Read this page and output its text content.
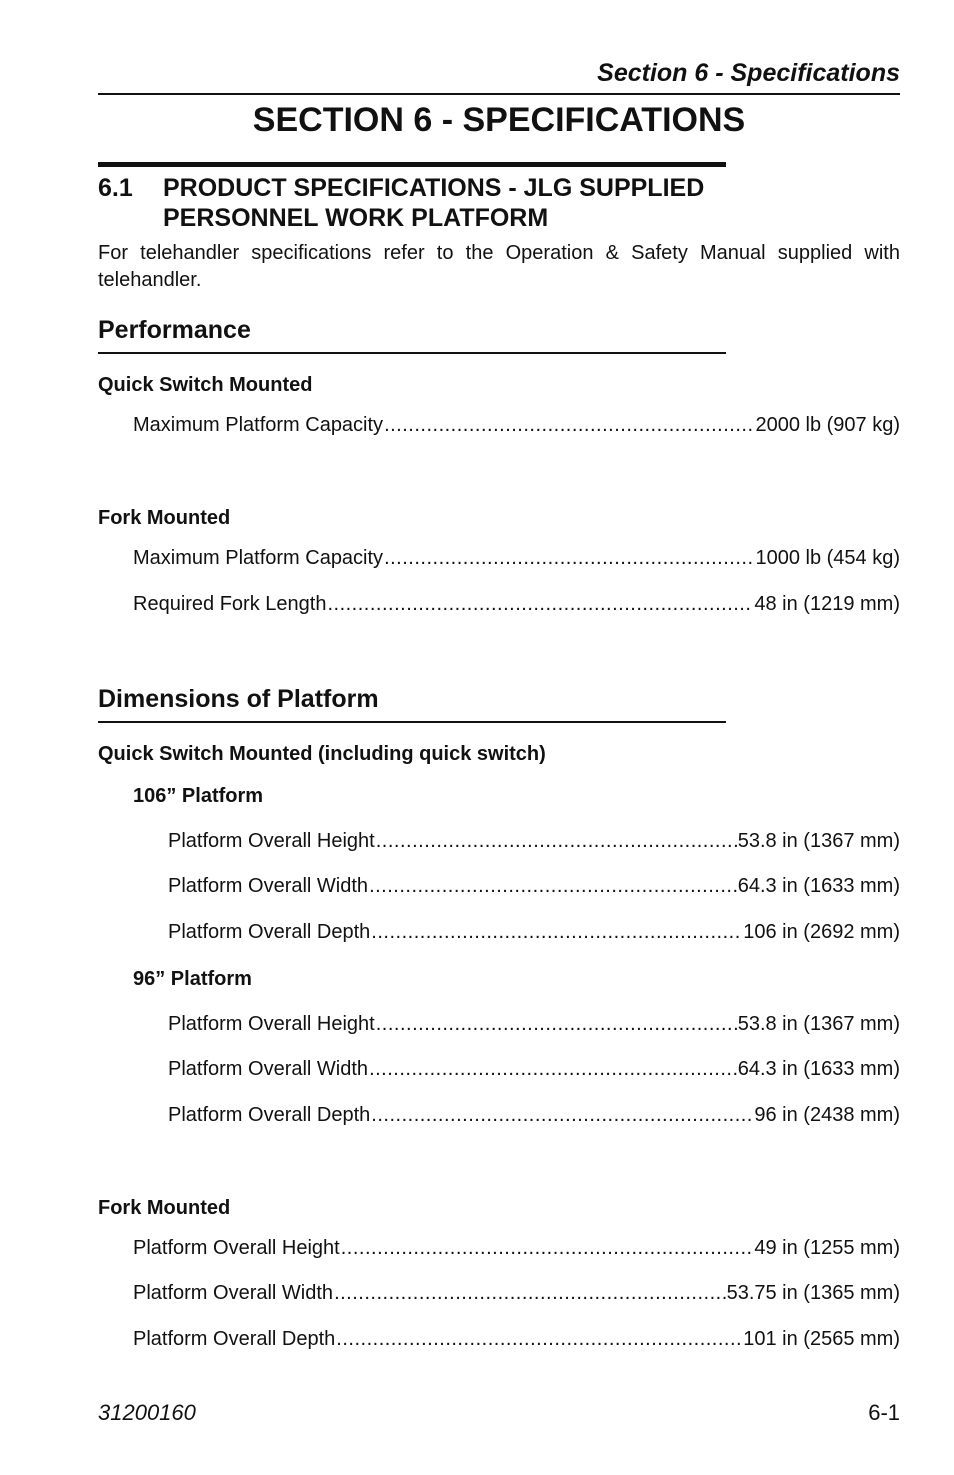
Section 6 - Specifications
SECTION 6 - SPECIFICATIONS
6.1 PRODUCT SPECIFICATIONS - JLG SUPPLIED
PERSONNEL WORK PLATFORM
For telehandler specifications refer to the Operation & Safety Manual supplied with telehandler.
Performance
Quick Switch Mounted
Maximum Platform Capacity .....	2000 lb (907 kg)
Fork Mounted
Maximum Platform Capacity .....	1000 lb (454 kg)
Required Fork Length .....	48 in (1219 mm)
Dimensions of Platform
Quick Switch Mounted (including quick switch)
106” Platform
Platform Overall Height .....	53.8 in (1367 mm)
Platform Overall Width .....	64.3 in (1633 mm)
Platform Overall Depth .....	106 in (2692 mm)
96” Platform
Platform Overall Height .....	53.8 in (1367 mm)
Platform Overall Width .....	64.3 in (1633 mm)
Platform Overall Depth .....	96 in (2438 mm)
Fork Mounted
Platform Overall Height .....	49 in (1255 mm)
Platform Overall Width .....	53.75 in (1365 mm)
Platform Overall Depth .....	101 in (2565 mm)
31200160	6-1
